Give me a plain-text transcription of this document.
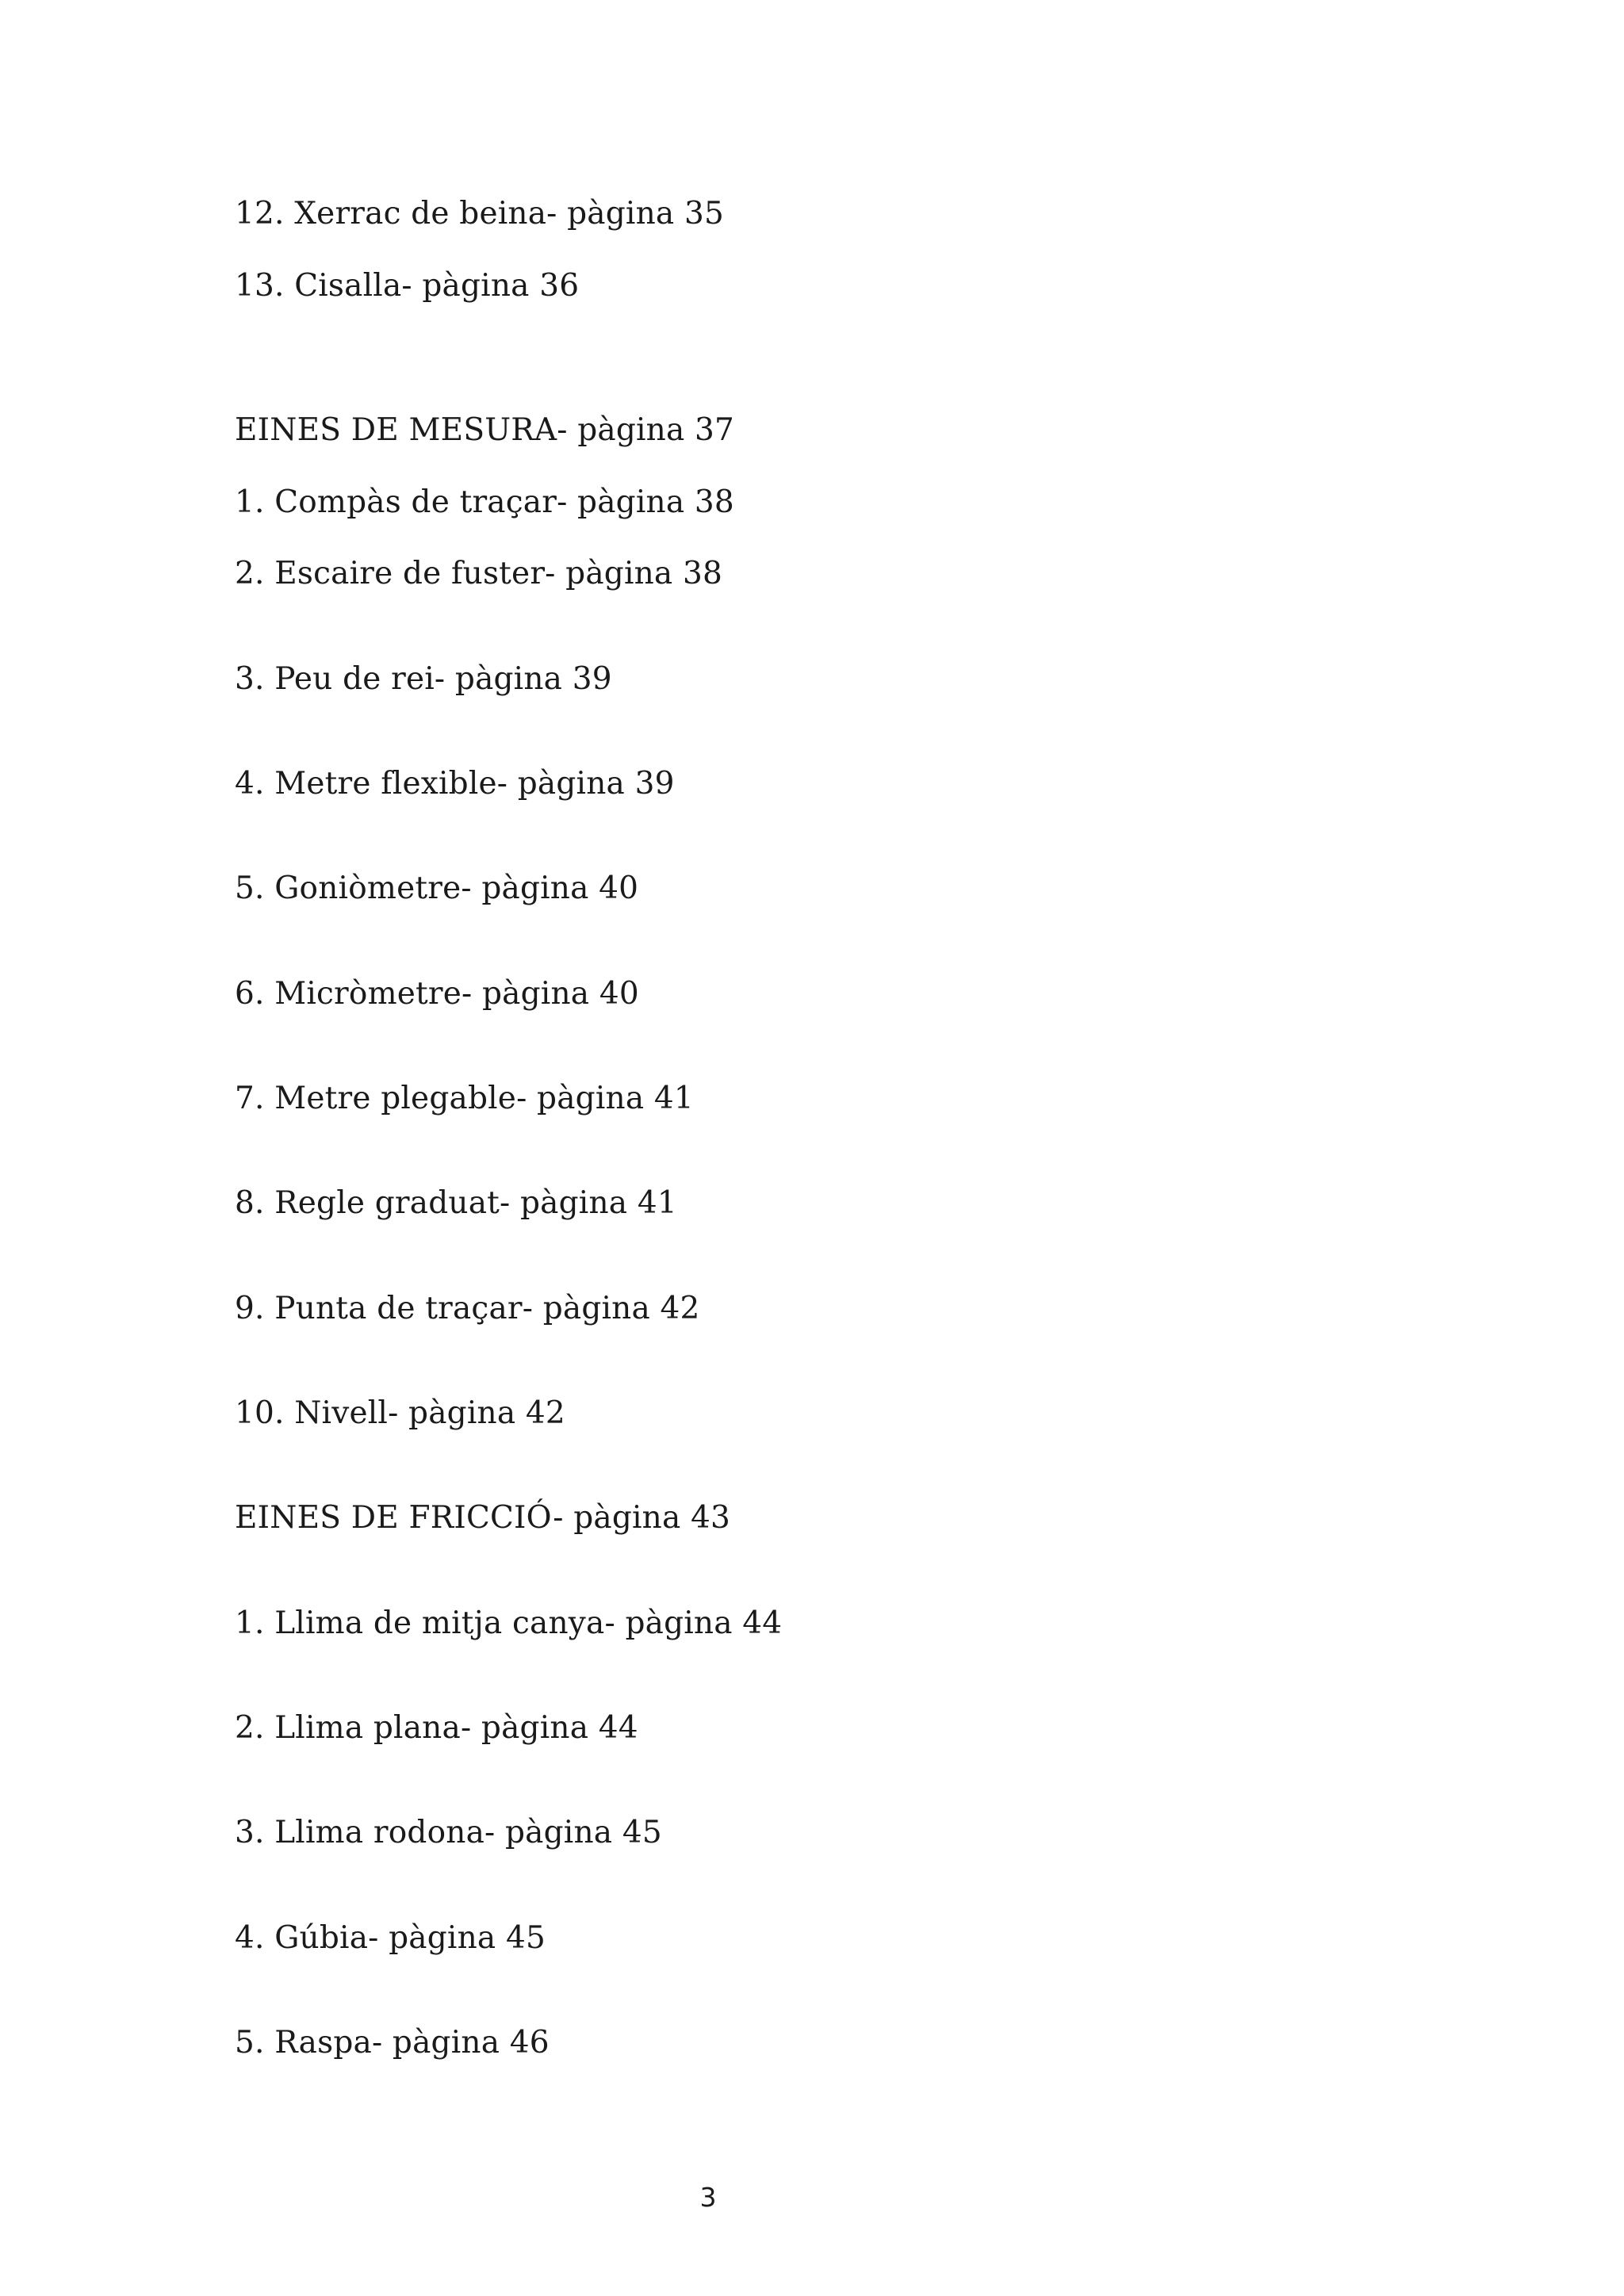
12. Xerrac de beina- pàgina 35
13. Cisalla- pàgina 36
EINES DE MESURA- pàgina 37
1. Compàs de traçar- pàgina 38
2. Escaire de fuster- pàgina 38
3. Peu de rei- pàgina 39
4. Metre flexible- pàgina 39
5. Goniòmetre- pàgina 40
6. Micròmetre- pàgina 40
7. Metre plegable- pàgina 41
8. Regle graduat- pàgina 41
9. Punta de traçar- pàgina 42
10. Nivell- pàgina 42
EINES DE FRICCIÓ- pàgina 43
1. Llima de mitja canya- pàgina 44
2. Llima plana- pàgina 44
3. Llima rodona- pàgina 45
4. Gúbia- pàgina 45
5. Raspa- pàgina 46
3
